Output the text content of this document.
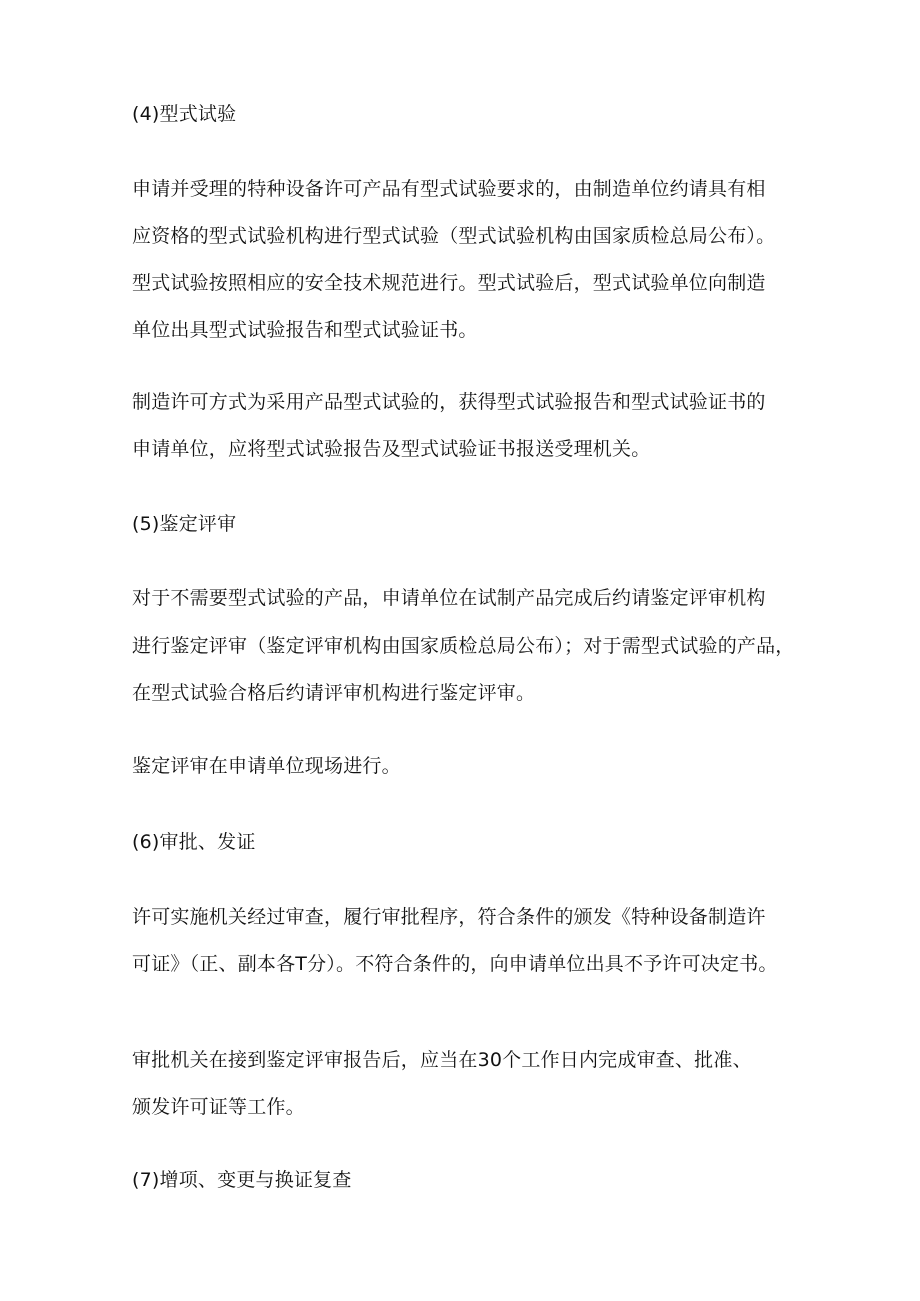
(4)型式试验
申请并受理的特种设备许可产品有型式试验要求的，由制造单位约请具有相
应资格的型式试验机构进行型式试验（型式试验机构由国家质检总局公布）。
型式试验按照相应的安全技术规范进行。型式试验后，型式试验单位向制造
单位出具型式试验报告和型式试验证书。
制造许可方式为采用产品型式试验的，获得型式试验报告和型式试验证书的
申请单位，应将型式试验报告及型式试验证书报送受理机关。
(5)鉴定评审
对于不需要型式试验的产品，申请单位在试制产品完成后约请鉴定评审机构
进行鉴定评审（鉴定评审机构由国家质检总局公布）；对于需型式试验的产品，
在型式试验合格后约请评审机构进行鉴定评审。
鉴定评审在申请单位现场进行。
(6)审批、发证
许可实施机关经过审查，履行审批程序，符合条件的颁发《特种设备制造许
可证》（正、副本各T分）。不符合条件的，向申请单位出具不予许可决定书。
审批机关在接到鉴定评审报告后，应当在30个工作日内完成审查、批准、
颁发许可证等工作。
(7)增项、变更与换证复查
